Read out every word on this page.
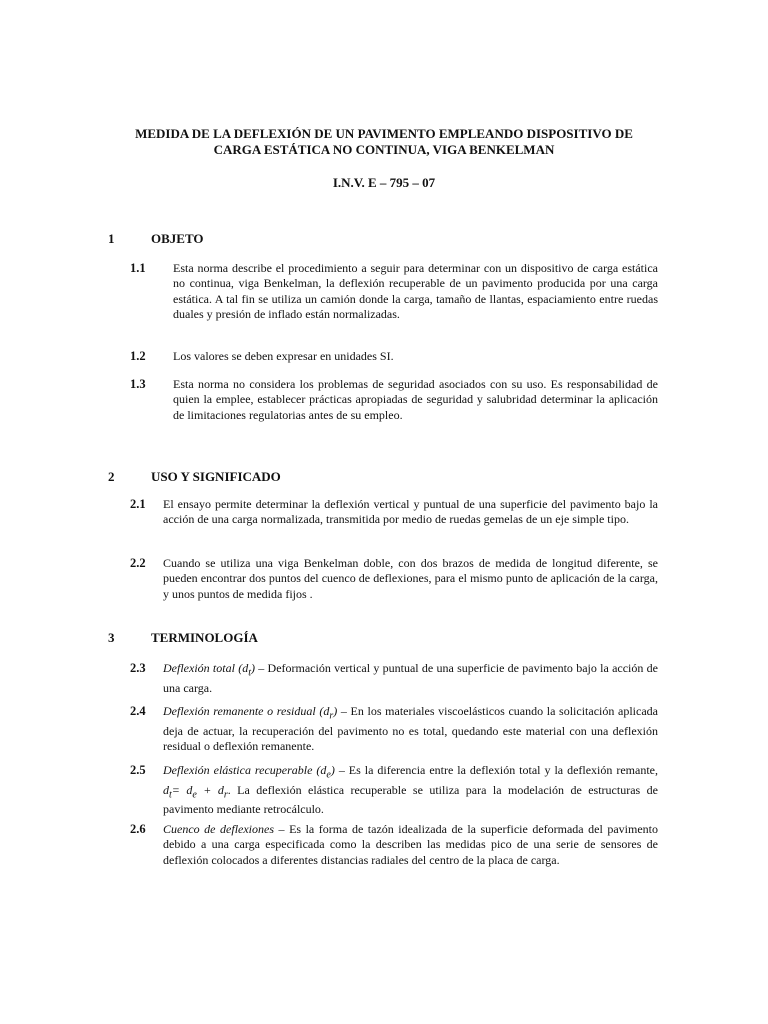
MEDIDA DE LA DEFLEXIÓN DE UN PAVIMENTO EMPLEANDO DISPOSITIVO DE
CARGA ESTÁTICA NO CONTINUA, VIGA BENKELMAN
I.N.V. E – 795 – 07
1	OBJETO
1.1 Esta norma describe el procedimiento a seguir para determinar con un dispositivo de carga estática no continua, viga Benkelman, la deflexión recuperable de un pavimento producida por una carga estática. A tal fin se utiliza un camión donde la carga, tamaño de llantas, espaciamiento entre ruedas duales y presión de inflado están normalizadas.
1.2 Los valores se deben expresar en unidades SI.
1.3 Esta norma no considera los problemas de seguridad asociados con su uso. Es responsabilidad de quien la emplee, establecer prácticas apropiadas de seguridad y salubridad determinar la aplicación de limitaciones regulatorias antes de su empleo.
2	USO Y SIGNIFICADO
2.1 El ensayo permite determinar la deflexión vertical y puntual de una superficie del pavimento bajo la acción de una carga normalizada, transmitida por medio de ruedas gemelas de un eje simple tipo.
2.2 Cuando se utiliza una viga Benkelman doble, con dos brazos de medida de longitud diferente, se pueden encontrar dos puntos del cuenco de deflexiones, para el mismo punto de aplicación de la carga, y unos puntos de medida fijos .
3	TERMINOLOGÍA
2.3 Deflexión total $(d_t)$ – Deformación vertical y puntual de una superficie de pavimento bajo la acción de una carga.
2.4 Deflexión remanente o residual $(d_r)$ – En los materiales viscoelásticos cuando la solicitación aplicada deja de actuar, la recuperación del pavimento no es total, quedando este material con una deflexión residual o deflexión remanente.
2.5 Deflexión elástica recuperable $(d_e)$ – Es la diferencia entre la deflexión total y la deflexión remante, $d_t= d_e + d_r$. La deflexión elástica recuperable se utiliza para la modelación de estructuras de pavimento mediante retrocálculo.
2.6 Cuenco de deflexiones – Es la forma de tazón idealizada de la superficie deformada del pavimento debido a una carga especificada como la describen las medidas pico de una serie de sensores de deflexión colocados a diferentes distancias radiales del centro de la placa de carga.
